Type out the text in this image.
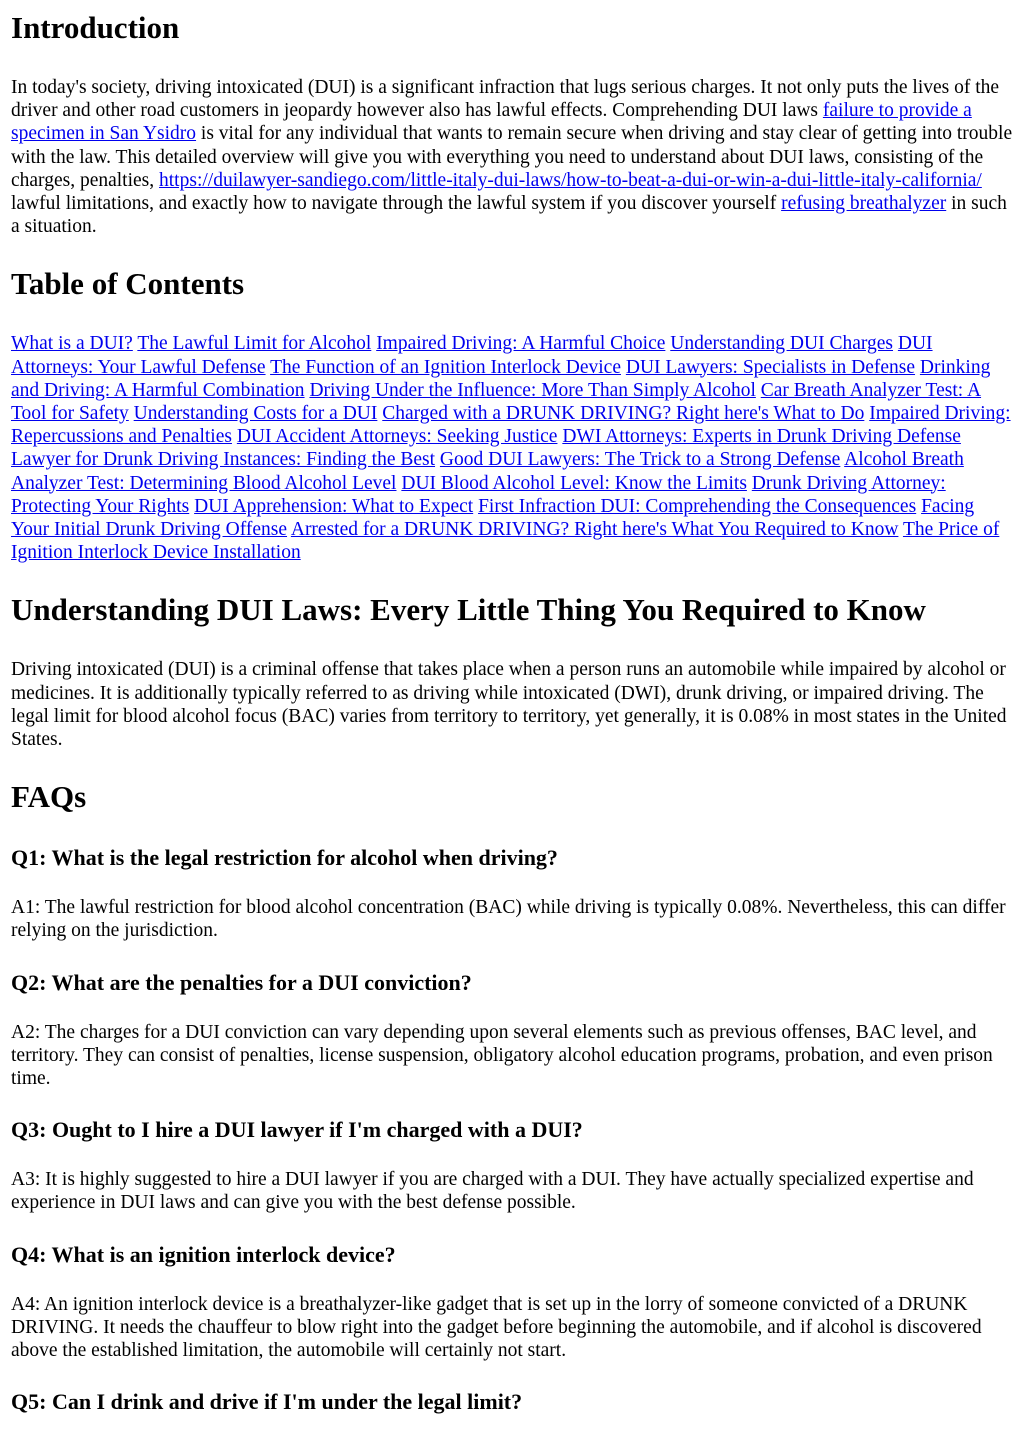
Introduction

In today's society, driving intoxicated (DUI) is a significant infraction that lugs serious charges. It not only puts the lives of the driver and other road customers in jeopardy however also has lawful effects. Comprehending DUI laws failure to provide a specimen in San Ysidro is vital for any individual that wants to remain secure when driving and stay clear of getting into trouble with the law. This detailed overview will give you with everything you need to understand about DUI laws, consisting of the charges, penalties, https://duilawyer-sandiego.com/little-italy-dui-laws/how-to-beat-a-dui-or-win-a-dui-little-italy-california/ lawful limitations, and exactly how to navigate through the lawful system if you discover yourself refusing breathalyzer in such a situation.

Table of Contents

What is a DUI? The Lawful Limit for Alcohol Impaired Driving: A Harmful Choice Understanding DUI Charges DUI Attorneys: Your Lawful Defense The Function of an Ignition Interlock Device DUI Lawyers: Specialists in Defense Drinking and Driving: A Harmful Combination Driving Under the Influence: More Than Simply Alcohol Car Breath Analyzer Test: A Tool for Safety Understanding Costs for a DUI Charged with a DRUNK DRIVING? Right here's What to Do Impaired Driving: Repercussions and Penalties DUI Accident Attorneys: Seeking Justice DWI Attorneys: Experts in Drunk Driving Defense Lawyer for Drunk Driving Instances: Finding the Best Good DUI Lawyers: The Trick to a Strong Defense Alcohol Breath Analyzer Test: Determining Blood Alcohol Level DUI Blood Alcohol Level: Know the Limits Drunk Driving Attorney: Protecting Your Rights DUI Apprehension: What to Expect First Infraction DUI: Comprehending the Consequences Facing Your Initial Drunk Driving Offense Arrested for a DRUNK DRIVING? Right here's What You Required to Know The Price of Ignition Interlock Device Installation

Understanding DUI Laws: Every Little Thing You Required to Know

Driving intoxicated (DUI) is a criminal offense that takes place when a person runs an automobile while impaired by alcohol or medicines. It is additionally typically referred to as driving while intoxicated (DWI), drunk driving, or impaired driving. The legal limit for blood alcohol focus (BAC) varies from territory to territory, yet generally, it is 0.08% in most states in the United States.

FAQs
Q1: What is the legal restriction for alcohol when driving?

A1: The lawful restriction for blood alcohol concentration (BAC) while driving is typically 0.08%. Nevertheless, this can differ relying on the jurisdiction.

Q2: What are the penalties for a DUI conviction?

A2: The charges for a DUI conviction can vary depending upon several elements such as previous offenses, BAC level, and territory. They can consist of penalties, license suspension, obligatory alcohol education programs, probation, and even prison time.

Q3: Ought to I hire a DUI lawyer if I'm charged with a DUI?

A3: It is highly suggested to hire a DUI lawyer if you are charged with a DUI. They have actually specialized expertise and experience in DUI laws and can give you with the best defense possible.

Q4: What is an ignition interlock device?

A4: An ignition interlock device is a breathalyzer-like gadget that is set up in the lorry of someone convicted of a DRUNK DRIVING. It needs the chauffeur to blow right into the gadget before beginning the automobile, and if alcohol is discovered above the established limitation, the automobile will certainly not start.

Q5: Can I drink and drive if I'm under the legal limit?
